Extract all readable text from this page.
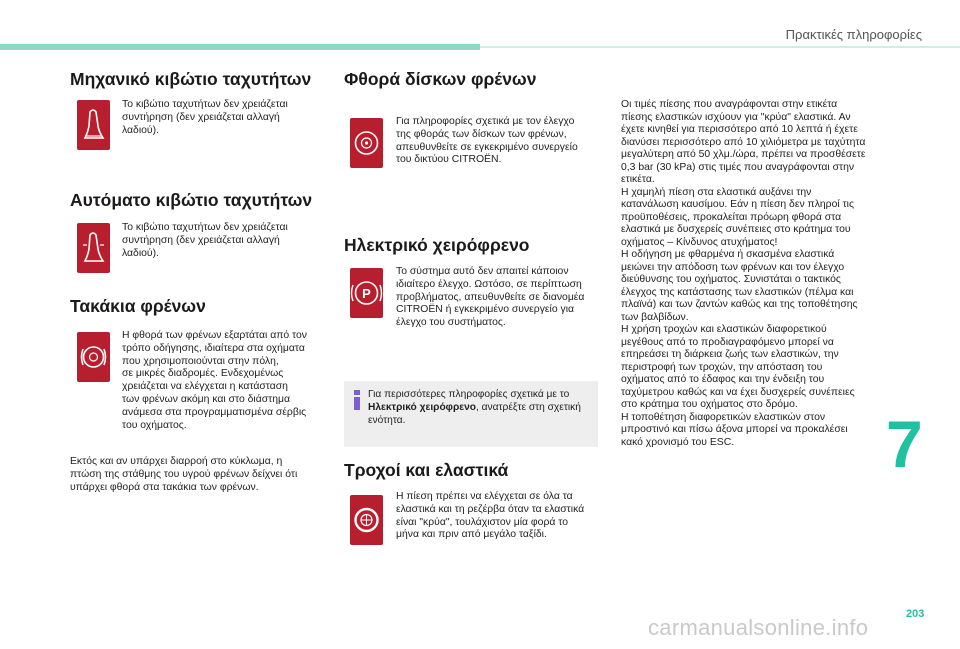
Πρακτικές πληροφορίες
Μηχανικό κιβώτιο ταχυτήτων
Το κιβώτιο ταχυτήτων δεν χρειάζεται
συντήρηση (δεν χρειάζεται αλλαγή
λαδιού).
Αυτόματο κιβώτιο ταχυτήτων
Το κιβώτιο ταχυτήτων δεν χρειάζεται
συντήρηση (δεν χρειάζεται αλλαγή
λαδιού).
Τακάκια φρένων
Η φθορά των φρένων εξαρτάται από τον
τρόπο οδήγησης, ιδιαίτερα στα οχήματα
που χρησιμοποιούνται στην πόλη,
σε μικρές διαδρομές. Ενδεχομένως
χρειάζεται να ελέγχεται η κατάσταση
των φρένων ακόμη και στο διάστημα
ανάμεσα στα προγραμματισμένα σέρβις
του οχήματος.
Εκτός και αν υπάρχει διαρροή στο κύκλωμα, η
πτώση της στάθμης του υγρού φρένων δείχνει ότι
υπάρχει φθορά στα τακάκια των φρένων.
Φθορά δίσκων φρένων
Για πληροφορίες σχετικά με τον έλεγχο
της φθοράς των δίσκων των φρένων,
απευθυνθείτε σε εγκεκριμένο συνεργείο
του δικτύου CITROËN.
Ηλεκτρικό χειρόφρενο
P
Το σύστημα αυτό δεν απαιτεί κάποιον
ιδιαίτερο έλεγχο. Ωστόσο, σε περίπτωση
προβλήματος, απευθυνθείτε σε διανομέα
CITROËN ή εγκεκριμένο συνεργείο για
έλεγχο του συστήματος.
Για περισσότερες πληροφορίες σχετικά με το
Ηλεκτρικό χειρόφρενο, ανατρέξτε στη σχετική
ενότητα.
Τροχοί και ελαστικά
Η πίεση πρέπει να ελέγχεται σε όλα τα
ελαστικά και τη ρεζέρβα όταν τα ελαστικά
είναι "κρύα", τουλάχιστον μία φορά το
μήνα και πριν από μεγάλο ταξίδι.
Οι τιμές πίεσης που αναγράφονται στην ετικέτα
πίεσης ελαστικών ισχύουν για "κρύα" ελαστικά. Αν
έχετε κινηθεί για περισσότερο από 10 λεπτά ή έχετε
διανύσει περισσότερο από 10 χιλιόμετρα με ταχύτητα
μεγαλύτερη από 50 χλμ./ώρα, πρέπει να προσθέσετε
0,3 bar (30 kPa) στις τιμές που αναγράφονται στην
ετικέτα.
Η χαμηλή πίεση στα ελαστικά αυξάνει την
κατανάλωση καυσίμου. Εάν η πίεση δεν πληροί τις
προϋποθέσεις, προκαλείται πρόωρη φθορά στα
ελαστικά με δυσχερείς συνέπειες στο κράτημα του
οχήματος – Κίνδυνος ατυχήματος!
Η οδήγηση με φθαρμένα ή σκασμένα ελαστικά
μειώνει την απόδοση των φρένων και τον έλεγχο
διεύθυνσης του οχήματος. Συνιστάται ο τακτικός
έλεγχος της κατάστασης των ελαστικών (πέλμα και
πλαϊνά) και των ζαντών καθώς και της τοποθέτησης
των βαλβίδων.
Η χρήση τροχών και ελαστικών διαφορετικού
μεγέθους από το προδιαγραφόμενο μπορεί να
επηρεάσει τη διάρκεια ζωής των ελαστικών, την
περιστροφή των τροχών, την απόσταση του
οχήματος από το έδαφος και την ένδειξη του
ταχύμετρου καθώς και να έχει δυσχερείς συνέπειες
στο κράτημα του οχήματος στο δρόμο.
Η τοποθέτηση διαφορετικών ελαστικών στον
μπροστινό και πίσω άξονα μπορεί να προκαλέσει
κακό χρονισμό του ESC.	7
203
carmanualsonline.info
